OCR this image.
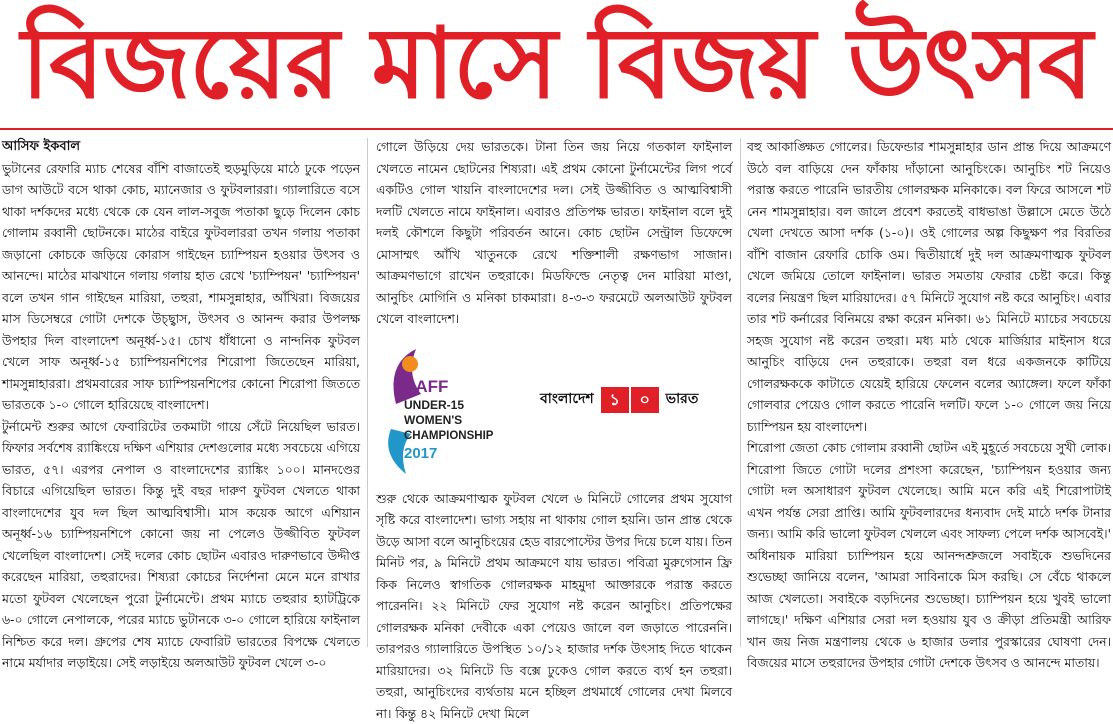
বিজয়ের মাসে বিজয় উৎসব

আসিফ ইকবাল

ভুটানের রেফারি ম্যাচ শেষের বাঁশি বাজাতেই হুড়মুড়িয়ে মাঠে ঢুকে পড়েন ডাগ আউটে বসে থাকা কোচ, ম্যানেজার ও ফুটবলাররা। গ্যালারিতে বসে থাকা দর্শকদের মধ্যে থেকে কে যেন লাল-সবুজ পতাকা ছুড়ে দিলেন কোচ গোলাম রব্বানী ছোটনকে। মাঠের বাইরে ফুটবলাররা তখন গলায় পতাকা জড়ানো কোচকে জড়িয়ে কোরাস গাইছেন চ্যাম্পিয়ন হওয়ার উৎসব ও আনন্দে। মাঠের মাঝখানে গলায় গলায় হাত রেখে 'চ্যাম্পিয়ন' 'চ্যাম্পিয়ন' বলে তখন গান গাইছেন মারিয়া, তহুরা, শামসুন্নাহার, আঁখিরা। বিজয়ের মাস ডিসেম্বরে গোটা দেশকে উচ্ছ্বাস, উৎসব ও আনন্দ করার উপলক্ষ উপহার দিল বাংলাদেশ অনূর্ধ্ব-১৫। চোখ ধাঁধানো ও নান্দনিক ফুটবল খেলে সাফ অনূর্ধ্ব-১৫ চ্যাম্পিয়নশিপের শিরোপা জিতেছেন মারিয়া, শামসুন্নাহাররা। প্রথমবারের সাফ চ্যাম্পিয়নশিপের কোনো শিরোপা জিততে ভারতকে ১-০ গোলে হারিয়েছে বাংলাদেশ।

টুর্নামেন্ট শুরুর আগে ফেবারিটের তকমাটা গায়ে সেঁটে নিয়েছিল ভারত। ফিফার সর্বশেষ র‌্যাঙ্কিংয়ে দক্ষিণ এশিয়ার দেশগুলোর মধ্যে সবচেয়ে এগিয়ে ভারত, ৫৭। এরপর নেপাল ও বাংলাদেশের র‌্যাঙ্কিং ১০০। মানদণ্ডের বিচারে এগিয়েছিল ভারত। কিন্তু দুই বছর দারুণ ফুটবল খেলতে থাকা বাংলাদেশের যুব দল ছিল আত্মবিশ্বাসী। মাস কয়েক আগে এশিয়ান অনূর্ধ্ব-১৬ চ্যাম্পিয়নশিপে কোনো জয় না পেলেও উজ্জীবিত ফুটবল খেলেছিল বাংলাদেশ। সেই দলের কোচ ছোটন এবারও দারুণভাবে উদ্দীপ্ত করেছেন মারিয়া, তহুরাদের। শিষ্যরা কোচের নির্দেশনা মেনে মনে রাখার মতো ফুটবল খেলেছেন পুরো টুর্নামেন্টে। প্রথম ম্যাচে তহুরার হ্যাটট্রিকে ৬-০ গোলে নেপালকে, পরের ম্যাচে ভুটানকে ৩-০ গোলে হারিয়ে ফাইনাল নিশ্চিত করে দল। গ্রুপের শেষ ম্যাচে ফেবারিট ভারতের বিপক্ষে খেলতে নামে মর্যাদার লড়াইয়ে। সেই লড়াইয়ে অলআউট ফুটবল খেলে ৩-০

গোলে উড়িয়ে দেয় ভারতকে। টানা তিন জয় নিয়ে গতকাল ফাইনাল খেলতে নামেন ছোটনের শিষ্যরা। এই প্রথম কোনো টুর্নামেন্টের লিগ পর্বে একটিও গোল খায়নি বাংলাদেশের দল। সেই উজ্জীবিত ও আত্মবিশ্বাসী দলটি খেলতে নামে ফাইনাল। এবারও প্রতিপক্ষ ভারত। ফাইনাল বলে দুই দলই কৌশলে কিছুটা পরিবর্তন আনে। কোচ ছোটন সেন্ট্রাল ডিফেন্সে মোসাম্মৎ আঁখি খাতুনকে রেখে শক্তিশালী রক্ষণভাগ সাজান। আক্রমণভাগে রাখেন তহুরাকে। মিডফিল্ডে নেতৃত্ব দেন মারিয়া মাণ্ডা, আনুচিং মোগিনি ও মনিকা চাকমারা। ৪-৩-৩ ফরমেটে অলআউট ফুটবল খেলে বাংলাদেশ।

SAFF
UNDER-15
WOMEN'S
CHAMPIONSHIP
2017
বাংলাদেশ ১	০	ভারত

শুরু থেকে আক্রমণাত্মক ফুটবল খেলে ৬ মিনিটে গোলের প্রথম সুযোগ সৃষ্টি করে বাংলাদেশ। ভাগ্য সহায় না থাকায় গোল হয়নি। ডান প্রান্ত থেকে উড়ে আসা বলে আনুচিংয়ের হেড বারপোস্টের উপর দিয়ে চলে যায়। তিন মিনিট পর, ৯ মিনিটে প্রথম আক্রমণে যায় ভারত। পবিত্রা মুরুগেসান ফ্রি কিক নিলেও স্বাগতিক গোলরক্ষক মাহমুদা আক্তারকে পরাস্ত করতে পারেননি। ২২ মিনিটে ফের সুযোগ নষ্ট করেন আনুচিং। প্রতিপক্ষের গোলরক্ষক মনিকা দেবীকে একা পেয়েও জালে বল জড়াতে পারেননি। তারপরও গ্যালারিতে উপস্থিত ১০/১২ হাজার দর্শক উৎসাহ দিতে থাকেন মারিয়াদের। ৩২ মিনিটে ডি বক্সে ঢুকেও গোল করতে ব্যর্থ হন তহুরা। তহুরা, আনুচিংদের ব্যর্থতায় মনে হচ্ছিল প্রথমার্ধে গোলের দেখা মিলবে না। কিন্তু ৪২ মিনিটে দেখা মিলে

বহু আকাঙ্ক্ষিত গোলের। ডিফেন্ডার শামসুন্নাহার ডান প্রান্ত দিয়ে আক্রমণে উঠে বল বাড়িয়ে দেন ফাঁকায় দাঁড়ানো আনুচিংকে। আনুচিং শট নিয়েও পরাস্ত করতে পারেনি ভারতীয় গোলরক্ষক মনিকাকে। বল ফিরে আসলে শট নেন শামসুন্নাহার। বল জালে প্রবেশ করতেই বাধভাঙা উল্লাসে মেতে উঠে খেলা দেখতে আসা দর্শক (১-০)। ওই গোলের অল্প কিছুক্ষণ পর বিরতির বাঁশি বাজান রেফারি চোকি ওম। দ্বিতীয়ার্ধে দুই দল আক্রমণাত্মক ফুটবল খেলে জমিয়ে তোলে ফাইনাল। ভারত সমতায় ফেরার চেষ্টা করে। কিন্তু বলের নিয়ন্ত্রণ ছিল মারিয়াদের। ৫৭ মিনিটে সুযোগ নষ্ট করে আনুচিং। এবার তার শট কর্নারের বিনিময়ে রক্ষা করেন মনিকা। ৬১ মিনিটে ম্যাচের সবচেয়ে সহজ সুযোগ নষ্ট করেন তহুরা। মধ্য মাঠ থেকে মার্জিয়ার মাইনাস ধরে আনুচিং বাড়িয়ে দেন তহুরাকে। তহুরা বল ধরে একজনকে কাটিয়ে গোলরক্ষককে কাটাতে যেয়েই হারিয়ে ফেলেন বলের অ্যাঙ্গেল। ফলে ফাঁকা গোলবার পেয়েও গোল করতে পারেনি দলটি। ফলে ১-০ গোলে জয় নিয়ে চ্যাম্পিয়ন হয় বাংলাদেশ।

শিরোপা জেতা কোচ গোলাম রব্বানী ছোটন এই মুহূর্তে সবচেয়ে সুখী লোক। শিরোপা জিতে গোটা দলের প্রশংসা করেছেন, 'চ্যাম্পিয়ন হওয়ার জন্য গোটা দল অসাধারণ ফুটবল খেলেছে। আমি মনে করি এই শিরোপাটাই এখন পর্যন্ত সেরা প্রাপ্তি। আমি ফুটবলারদের ধন্যবাদ দেই মাঠে দর্শক টানার জন্য। আমি করি ভালো ফুটবল খেললে এবং সাফল্য পেলে দর্শক আসবেই।' অধিনায়ক মারিয়া চ্যাম্পিয়ন হয়ে আনন্দশ্রুজলে সবাইকে শুভদিনের শুভেচ্ছা জানিয়ে বলেন, 'আমরা সাবিনাকে মিস করছি। সে বেঁচে থাকলে আজ খেলতো। সবাইকে বড়দিনের শুভেচ্ছা। চ্যাম্পিয়ন হয়ে খুবই ভালো লাগছে।' দক্ষিণ এশিয়ার সেরা দল হওয়ায় যুব ও ক্রীড়া প্রতিমন্ত্রী আরিফ খান জয় নিজ মন্ত্রণালয় থেকে ৬ হাজার ডলার পুরস্কারের ঘোষণা দেন। বিজয়ের মাসে তহুরাদের উপহার গোটা দেশকে উৎসব ও আনন্দে মাতায়।
